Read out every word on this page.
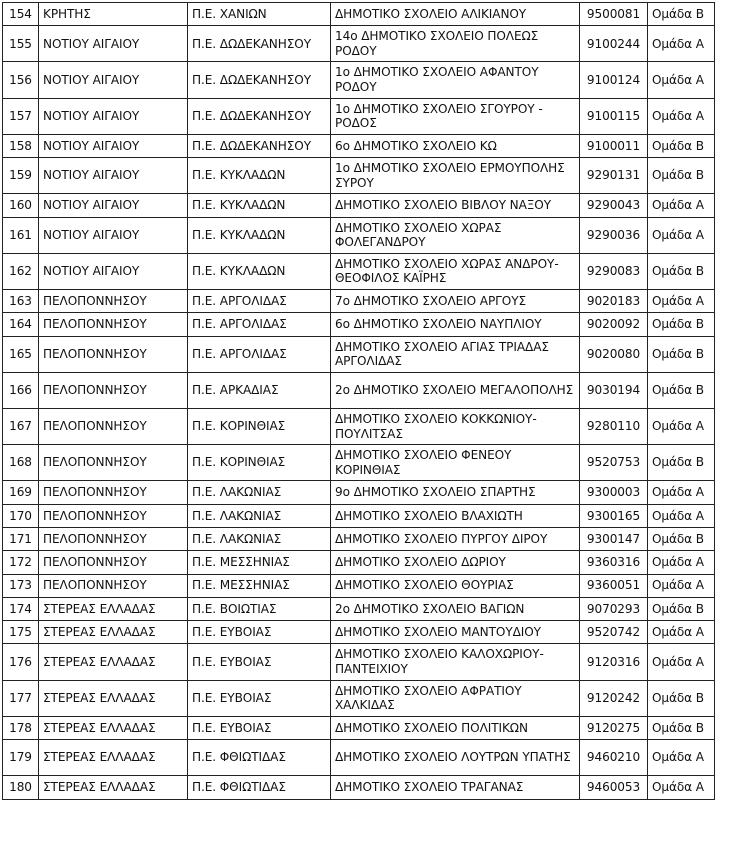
154	ΚΡΗΤΗΣ	Π.Ε. ΧΑΝΙΩΝ	ΔΗΜΟΤΙΚΟ ΣΧΟΛΕΙΟ ΑΛΙΚΙΑΝΟΥ	9500081	Ομάδα B
155	ΝΟΤΙΟΥ ΑΙΓΑΙΟΥ	Π.Ε. ΔΩΔΕΚΑΝΗΣΟΥ	14ο ΔΗΜΟΤΙΚΟ ΣΧΟΛΕΙΟ ΠΟΛΕΩΣ ΡΟΔΟΥ	9100244	Ομάδα A
156	ΝΟΤΙΟΥ ΑΙΓΑΙΟΥ	Π.Ε. ΔΩΔΕΚΑΝΗΣΟΥ	1ο ΔΗΜΟΤΙΚΟ ΣΧΟΛΕΙΟ ΑΦΑΝΤΟΥ ΡΟΔΟΥ	9100124	Ομάδα A
157	ΝΟΤΙΟΥ ΑΙΓΑΙΟΥ	Π.Ε. ΔΩΔΕΚΑΝΗΣΟΥ	1ο ΔΗΜΟΤΙΚΟ ΣΧΟΛΕΙΟ ΣΓΟΥΡΟΥ - ΡΟΔΟΣ	9100115	Ομάδα A
158	ΝΟΤΙΟΥ ΑΙΓΑΙΟΥ	Π.Ε. ΔΩΔΕΚΑΝΗΣΟΥ	6ο ΔΗΜΟΤΙΚΟ ΣΧΟΛΕΙΟ ΚΩ	9100011	Ομάδα B
159	ΝΟΤΙΟΥ ΑΙΓΑΙΟΥ	Π.Ε. ΚΥΚΛΑΔΩΝ	1ο ΔΗΜΟΤΙΚΟ ΣΧΟΛΕΙΟ ΕΡΜΟΥΠΟΛΗΣ ΣΥΡΟΥ	9290131	Ομάδα B
160	ΝΟΤΙΟΥ ΑΙΓΑΙΟΥ	Π.Ε. ΚΥΚΛΑΔΩΝ	ΔΗΜΟΤΙΚΟ ΣΧΟΛΕΙΟ ΒΙΒΛΟΥ ΝΑΞΟΥ	9290043	Ομάδα A
161	ΝΟΤΙΟΥ ΑΙΓΑΙΟΥ	Π.Ε. ΚΥΚΛΑΔΩΝ	ΔΗΜΟΤΙΚΟ ΣΧΟΛΕΙΟ ΧΩΡΑΣ ΦΟΛΕΓΑΝΔΡΟΥ	9290036	Ομάδα A
162	ΝΟΤΙΟΥ ΑΙΓΑΙΟΥ	Π.Ε. ΚΥΚΛΑΔΩΝ	ΔΗΜΟΤΙΚΟ ΣΧΟΛΕΙΟ ΧΩΡΑΣ ΑΝΔΡΟΥ-ΘΕΟΦΙΛΟΣ ΚΑΪΡΗΣ	9290083	Ομάδα B
163	ΠΕΛΟΠΟΝΝΗΣΟΥ	Π.Ε. ΑΡΓΟΛΙΔΑΣ	7ο ΔΗΜΟΤΙΚΟ ΣΧΟΛΕΙΟ ΑΡΓΟΥΣ	9020183	Ομάδα A
164	ΠΕΛΟΠΟΝΝΗΣΟΥ	Π.Ε. ΑΡΓΟΛΙΔΑΣ	6ο ΔΗΜΟΤΙΚΟ ΣΧΟΛΕΙΟ ΝΑΥΠΛΙΟΥ	9020092	Ομάδα B
165	ΠΕΛΟΠΟΝΝΗΣΟΥ	Π.Ε. ΑΡΓΟΛΙΔΑΣ	ΔΗΜΟΤΙΚΟ ΣΧΟΛΕΙΟ ΑΓΙΑΣ ΤΡΙΑΔΑΣ ΑΡΓΟΛΙΔΑΣ	9020080	Ομάδα B
166	ΠΕΛΟΠΟΝΝΗΣΟΥ	Π.Ε. ΑΡΚΑΔΙΑΣ	2ο ΔΗΜΟΤΙΚΟ ΣΧΟΛΕΙΟ ΜΕΓΑΛΟΠΟΛΗΣ	9030194	Ομάδα B
167	ΠΕΛΟΠΟΝΝΗΣΟΥ	Π.Ε. ΚΟΡΙΝΘΙΑΣ	ΔΗΜΟΤΙΚΟ ΣΧΟΛΕΙΟ ΚΟΚΚΩΝΙΟΥ-ΠΟΥΛΙΤΣΑΣ	9280110	Ομάδα A
168	ΠΕΛΟΠΟΝΝΗΣΟΥ	Π.Ε. ΚΟΡΙΝΘΙΑΣ	ΔΗΜΟΤΙΚΟ ΣΧΟΛΕΙΟ ΦΕΝΕΟΥ ΚΟΡΙΝΘΙΑΣ	9520753	Ομάδα B
169	ΠΕΛΟΠΟΝΝΗΣΟΥ	Π.Ε. ΛΑΚΩΝΙΑΣ	9ο ΔΗΜΟΤΙΚΟ ΣΧΟΛΕΙΟ ΣΠΑΡΤΗΣ	9300003	Ομάδα A
170	ΠΕΛΟΠΟΝΝΗΣΟΥ	Π.Ε. ΛΑΚΩΝΙΑΣ	ΔΗΜΟΤΙΚΟ ΣΧΟΛΕΙΟ ΒΛΑΧΙΩΤΗ	9300165	Ομάδα A
171	ΠΕΛΟΠΟΝΝΗΣΟΥ	Π.Ε. ΛΑΚΩΝΙΑΣ	ΔΗΜΟΤΙΚΟ ΣΧΟΛΕΙΟ ΠΥΡΓΟΥ ΔΙΡΟΥ	9300147	Ομάδα B
172	ΠΕΛΟΠΟΝΝΗΣΟΥ	Π.Ε. ΜΕΣΣΗΝΙΑΣ	ΔΗΜΟΤΙΚΟ ΣΧΟΛΕΙΟ ΔΩΡΙΟΥ	9360316	Ομάδα A
173	ΠΕΛΟΠΟΝΝΗΣΟΥ	Π.Ε. ΜΕΣΣΗΝΙΑΣ	ΔΗΜΟΤΙΚΟ ΣΧΟΛΕΙΟ ΘΟΥΡΙΑΣ	9360051	Ομάδα A
174	ΣΤΕΡΕΑΣ ΕΛΛΑΔΑΣ	Π.Ε. ΒΟΙΩΤΙΑΣ	2ο ΔΗΜΟΤΙΚΟ ΣΧΟΛΕΙΟ ΒΑΓΙΩΝ	9070293	Ομάδα B
175	ΣΤΕΡΕΑΣ ΕΛΛΑΔΑΣ	Π.Ε. ΕΥΒΟΙΑΣ	ΔΗΜΟΤΙΚΟ ΣΧΟΛΕΙΟ ΜΑΝΤΟΥΔΙΟΥ	9520742	Ομάδα A
176	ΣΤΕΡΕΑΣ ΕΛΛΑΔΑΣ	Π.Ε. ΕΥΒΟΙΑΣ	ΔΗΜΟΤΙΚΟ ΣΧΟΛΕΙΟ ΚΑΛΟΧΩΡΙΟΥ-ΠΑΝΤΕΙΧΙΟΥ	9120316	Ομάδα A
177	ΣΤΕΡΕΑΣ ΕΛΛΑΔΑΣ	Π.Ε. ΕΥΒΟΙΑΣ	ΔΗΜΟΤΙΚΟ ΣΧΟΛΕΙΟ ΑΦΡΑΤΙΟΥ ΧΑΛΚΙΔΑΣ	9120242	Ομάδα B
178	ΣΤΕΡΕΑΣ ΕΛΛΑΔΑΣ	Π.Ε. ΕΥΒΟΙΑΣ	ΔΗΜΟΤΙΚΟ ΣΧΟΛΕΙΟ ΠΟΛΙΤΙΚΩΝ	9120275	Ομάδα B
179	ΣΤΕΡΕΑΣ ΕΛΛΑΔΑΣ	Π.Ε. ΦΘΙΩΤΙΔΑΣ	ΔΗΜΟΤΙΚΟ ΣΧΟΛΕΙΟ ΛΟΥΤΡΩΝ ΥΠΑΤΗΣ	9460210	Ομάδα A
180	ΣΤΕΡΕΑΣ ΕΛΛΑΔΑΣ	Π.Ε. ΦΘΙΩΤΙΔΑΣ	ΔΗΜΟΤΙΚΟ ΣΧΟΛΕΙΟ ΤΡΑΓΑΝΑΣ	9460053	Ομάδα A
